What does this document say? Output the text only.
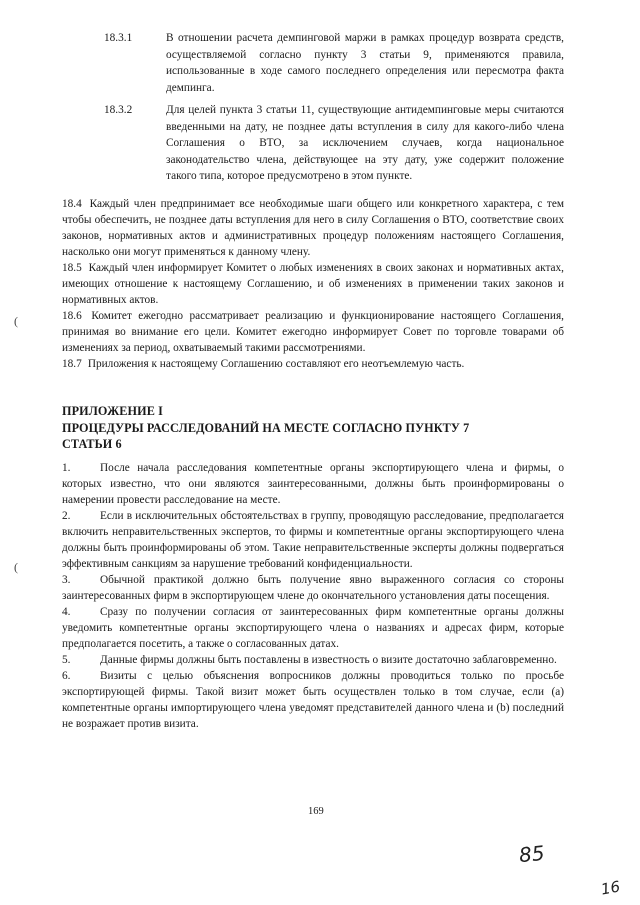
18.3.1	В отношении расчета демпинговой маржи в рамках процедур возврата средств, осуществляемой согласно пункту 3 статьи 9, применяются правила, использованные в ходе самого последнего определения или пересмотра факта демпинга.
18.3.2	Для целей пункта 3 статьи 11, существующие антидемпинговые меры считаются введенными на дату, не позднее даты вступления в силу для какого-либо члена Соглашения о ВТО, за исключением случаев, когда национальное законодательство члена, действующее на эту дату, уже содержит положение такого типа, которое предусмотрено в этом пункте.

18.4 Каждый член предпринимает все необходимые шаги общего или конкретного характера, с тем чтобы обеспечить, не позднее даты вступления для него в силу Соглашения о ВТО, соответствие своих законов, нормативных актов и административных процедур положениям настоящего Соглашения, насколько они могут применяться к данному члену.

18.5 Каждый член информирует Комитет о любых изменениях в своих законах и нормативных актах, имеющих отношение к настоящему Соглашению, и об изменениях в применении таких законов и нормативных актов.

18.6 Комитет ежегодно рассматривает реализацию и функционирование настоящего Соглашения, принимая во внимание его цели. Комитет ежегодно информирует Совет по торговле товарами об изменениях за период, охватываемый такими рассмотрениями.

18.7 Приложения к настоящему Соглашению составляют его неотъемлемую часть.

(
(
ПРИЛОЖЕНИЕ I
ПРОЦЕДУРЫ РАССЛЕДОВАНИЙ НА МЕСТЕ СОГЛАСНО ПУНКТУ 7
СТАТЬИ 6

1.	После начала расследования компетентные органы экспортирующего члена и фирмы, о которых известно, что они являются заинтересованными, должны быть проинформированы о намерении провести расследование на месте.

2.	Если в исключительных обстоятельствах в группу, проводящую расследование, предполагается включить неправительственных экспертов, то фирмы и компетентные органы экспортирующего члена должны быть проинформированы об этом. Такие неправительственные эксперты должны подвергаться эффективным санкциям за нарушение требований конфиденциальности.

3.	Обычной практикой должно быть получение явно выраженного согласия со стороны заинтересованных фирм в экспортирующем члене до окончательного установления даты посещения.

4.	Сразу по получении согласия от заинтересованных фирм компетентные органы должны уведомить компетентные органы экспортирующего члена о названиях и адресах фирм, которые предполагается посетить, а также о согласованных датах.

5.	Данные фирмы должны быть поставлены в известность о визите достаточно заблаговременно.

6.	Визиты с целью объяснения вопросников должны проводиться только по просьбе экспортирующей фирмы. Такой визит может быть осуществлен только в том случае, если (a) компетентные органы импортирующего члена уведомят представителей данного члена и (b) последний не возражает против визита.

169
85
16
